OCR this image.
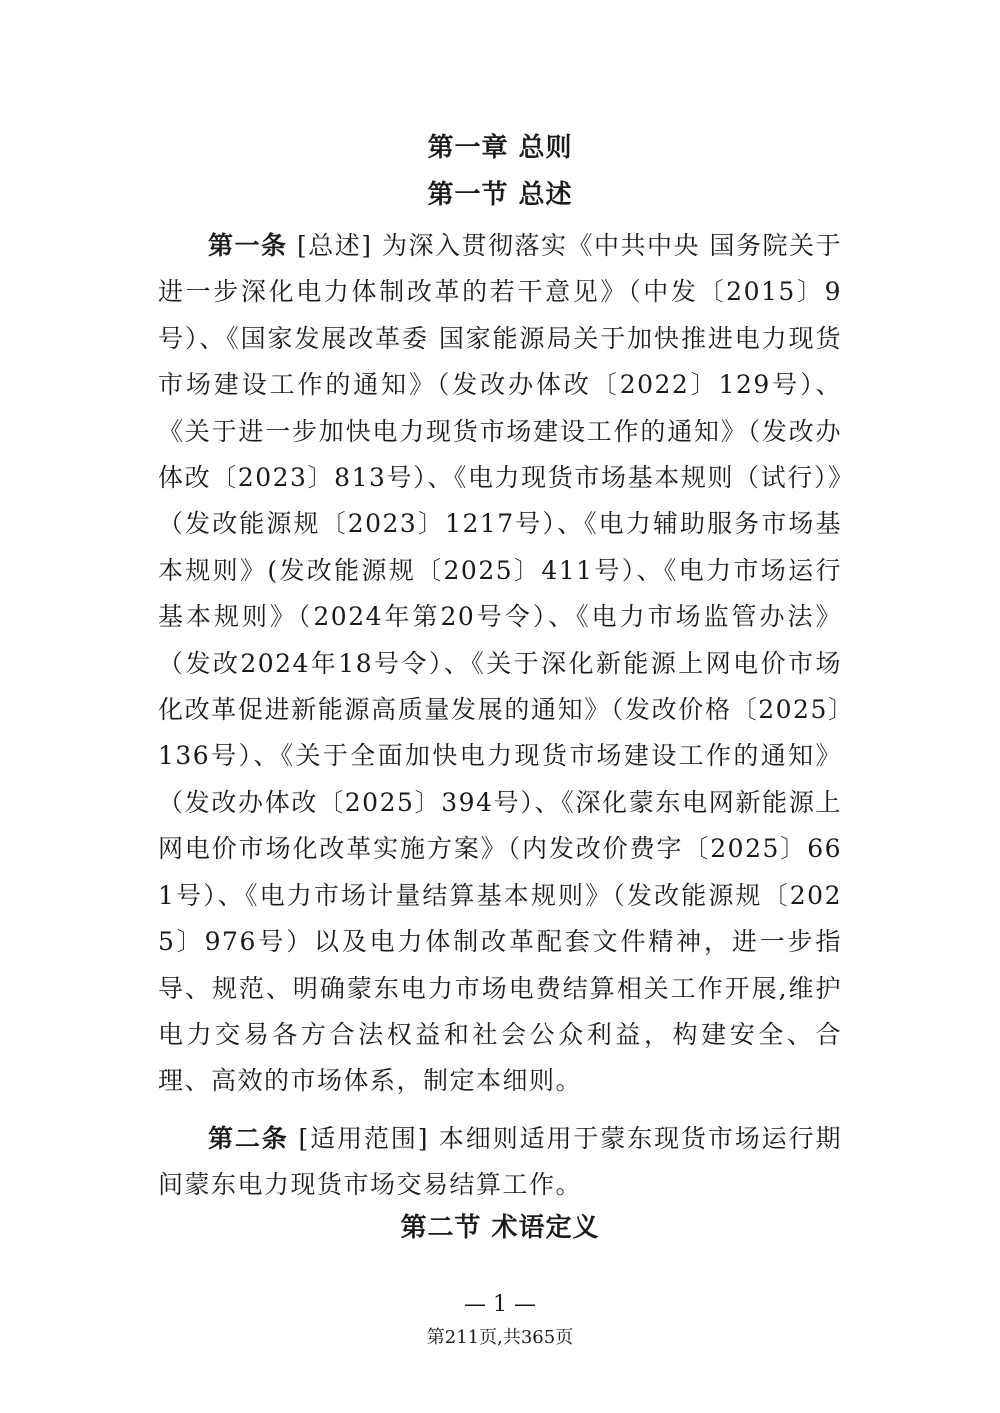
第一章 总则
第一节 总述

第一条 [总述] 为深入贯彻落实《中共中央 国务院关于进一步深化电力体制改革的若干意见》（中发〔2015〕9号）、《国家发展改革委 国家能源局关于加快推进电力现货市场建设工作的通知》（发改办体改〔2022〕129号）、《关于进一步加快电力现货市场建设工作的通知》（发改办体改〔2023〕813号）、《电力现货市场基本规则（试行）》（发改能源规〔2023〕1217号）、《电力辅助服务市场基本规则》(发改能源规〔2025〕411号）、《电力市场运行基本规则》（2024年第20号令）、《电力市场监管办法》（发改2024年18号令）、《关于深化新能源上网电价市场化改革促进新能源高质量发展的通知》（发改价格〔2025〕136号）、《关于全面加快电力现货市场建设工作的通知》（发改办体改〔2025〕394号）、《深化蒙东电网新能源上网电价市场化改革实施方案》（内发改价费字〔2025〕661号）、《电力市场计量结算基本规则》（发改能源规〔2025〕976号）以及电力体制改革配套文件精神，进一步指导、规范、明确蒙东电力市场电费结算相关工作开展,维护电力交易各方合法权益和社会公众利益，构建安全、合理、高效的市场体系，制定本细则。

第二条 [适用范围] 本细则适用于蒙东现货市场运行期间蒙东电力现货市场交易结算工作。

第二节 术语定义
— 1 —
第211页,共365页
